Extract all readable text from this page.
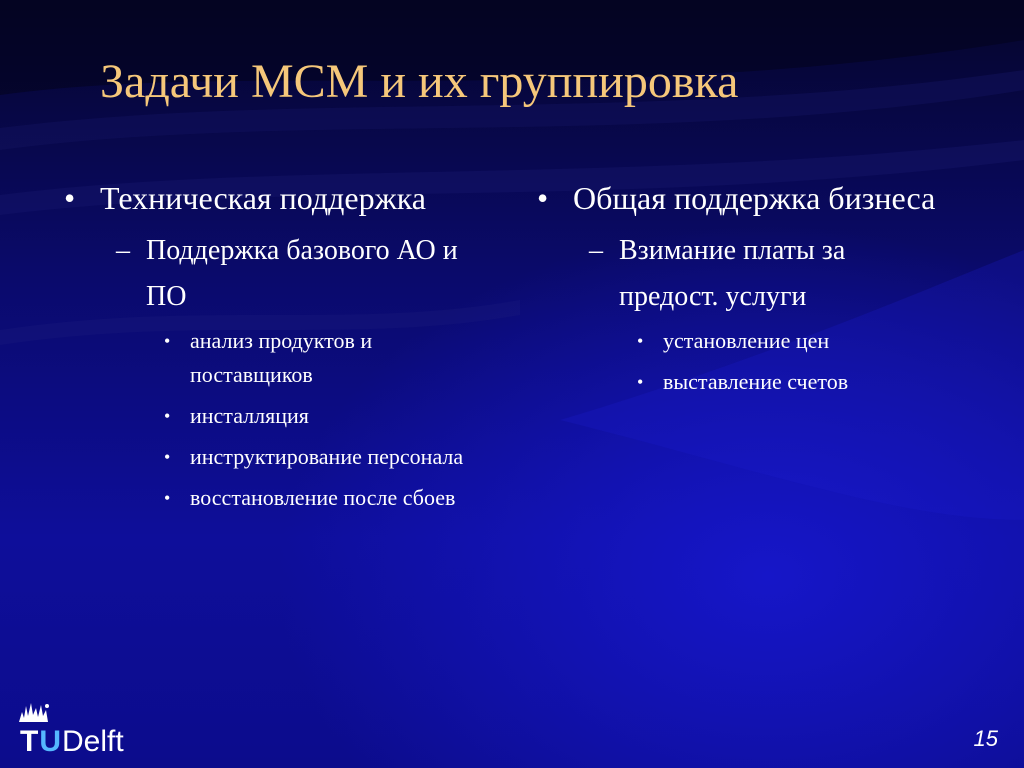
Задачи MCM и их группировка
• Техническая поддержка
– Поддержка базового АО и ПО
• анализ продуктов и поставщиков
• инсталляция
• инструктирование персонала
• восстановление после сбоев
• Общая поддержка бизнеса
– Взимание платы за предост. услуги
• установление цен
• выставление счетов
TUDelft	15
